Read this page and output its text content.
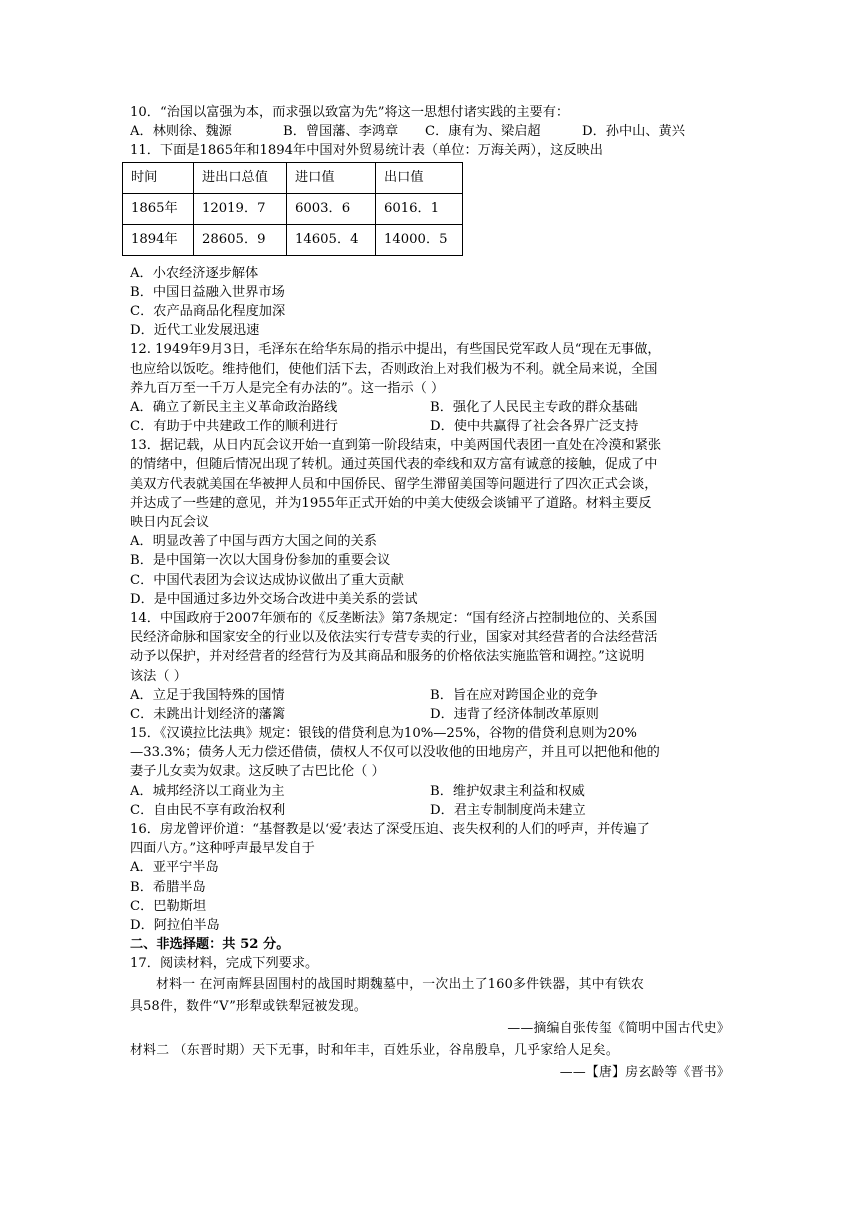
10．“治国以富强为本，而求强以致富为先”将这一思想付诸实践的主要有：
A．林则徐、魏源	B．曾国藩、李鸿章 C．康有为、梁启超	D．孙中山、黄兴
11．下面是1865年和1894年中国对外贸易统计表（单位：万海关两），这反映出
时间	进出口总值	进口值	出口值
1865年	12019．7	6003．6	6016．1
1894年	28605．9	14605．4	14000．5
A．小农经济逐步解体
B．中国日益融入世界市场
C．农产品商品化程度加深
D．近代工业发展迅速
12. 1949年9月3日，毛泽东在给华东局的指示中提出，有些国民党军政人员“现在无事做，
也应给以饭吃。维持他们，使他们活下去，否则政治上对我们极为不利。就全局来说，全国
养九百万至一千万人是完全有办法的”。这一指示（ ）
A．确立了新民主主义革命政治路线	B．强化了人民民主专政的群众基础
C．有助于中共建政工作的顺利进行	D．使中共赢得了社会各界广泛支持
13．据记载，从日内瓦会议开始一直到第一阶段结束，中美两国代表团一直处在冷漠和紧张
的情绪中，但随后情况出现了转机。通过英国代表的牵线和双方富有诚意的接触，促成了中
美双方代表就美国在华被押人员和中国侨民、留学生滞留美国等问题进行了四次正式会谈，
并达成了一些建的意见，并为1955年正式开始的中美大使级会谈铺平了道路。材料主要反
映日内瓦会议
A．明显改善了中国与西方大国之间的关系
B．是中国第一次以大国身份参加的重要会议
C．中国代表团为会议达成协议做出了重大贡献
D．是中国通过多边外交场合改进中美关系的尝试
14．中国政府于2007年颁布的《反垄断法》第7条规定：“国有经济占控制地位的、关系国
民经济命脉和国家安全的行业以及依法实行专营专卖的行业，国家对其经营者的合法经营活
动予以保护，并对经营者的经营行为及其商品和服务的价格依法实施监管和调控。”这说明
该法（ ）
A．立足于我国特殊的国情	B．旨在应对跨国企业的竞争
C．未跳出计划经济的藩篱	D．违背了经济体制改革原则
15．《汉谟拉比法典》规定：银钱的借贷利息为10%—25%，谷物的借贷利息则为20%
—33.3%；债务人无力偿还借债，债权人不仅可以没收他的田地房产，并且可以把他和他的
妻子儿女卖为奴隶。这反映了古巴比伦（ ）
A．城邦经济以工商业为主	B．维护奴隶主利益和权威
C．自由民不享有政治权利	D．君主专制制度尚未建立
16．房龙曾评价道：“基督教是以‘爱’表达了深受压迫、丧失权利的人们的呼声，并传遍了
四面八方。”这种呼声最早发自于
A．亚平宁半岛
B．希腊半岛
C．巴勒斯坦
D．阿拉伯半岛
二、非选择题：共 52 分。
17．阅读材料，完成下列要求。
材料一 在河南辉县固围村的战国时期魏墓中，一次出土了160多件铁器，其中有铁农
具58件，数件“V”形犁或铁犁冠被发现。
——摘编自张传玺《简明中国古代史》
材料二 （东晋时期）天下无事，时和年丰，百姓乐业，谷帛殷阜，几乎家给人足矣。
——【唐】房玄龄等《晋书》
